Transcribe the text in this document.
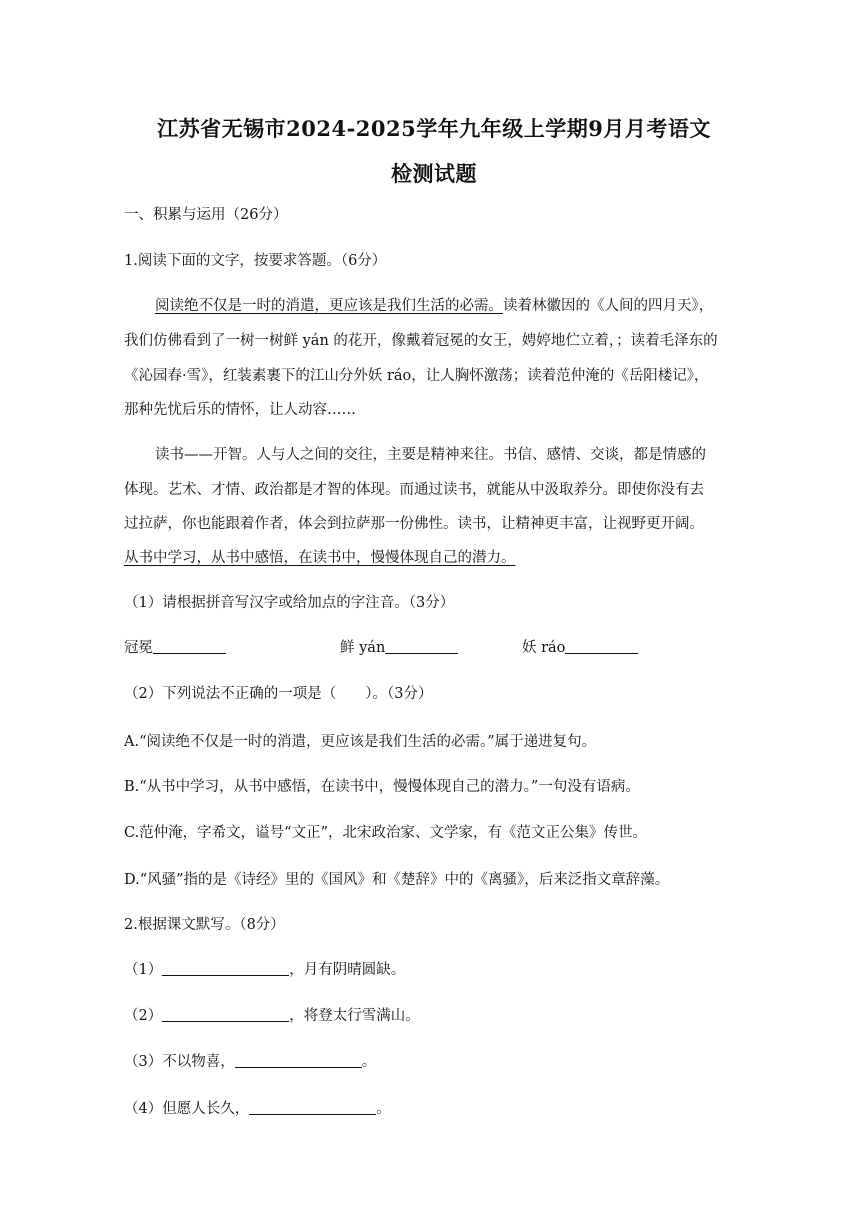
江苏省无锡市2024-2025学年九年级上学期9月月考语文
检测试题
一、积累与运用（26分）
1.阅读下面的文字，按要求答题。（6分）
阅读绝不仅是一时的消遣，更应该是我们生活的必需。读着林徽因的《人间的四月天》，
我们仿佛看到了一树一树鲜 yán 的花开，像戴着冠冕的女王，娉婷地伫立着，；读着毛泽东的
《沁园春·雪》，红装素裹下的江山分外妖 ráo，让人胸怀激荡；读着范仲淹的《岳阳楼记》，
那种先忧后乐的情怀，让人动容……
读书——开智。人与人之间的交往，主要是精神来往。书信、感情、交谈，都是情感的
体现。艺术、才情、政治都是才智的体现。而通过读书，就能从中汲取养分。即使你没有去
过拉萨，你也能跟着作者，体会到拉萨那一份佛性。读书，让精神更丰富，让视野更开阔。
从书中学习，从书中感悟，在读书中，慢慢体现自己的潜力。
（1）请根据拼音写汉字或给加点的字注音。（3分）
冠冕	鲜 yán	妖 ráo
（2）下列说法不正确的一项是（　　）。（3分）
A.“阅读绝不仅是一时的消遣，更应该是我们生活的必需。”属于递进复句。
B.“从书中学习，从书中感悟，在读书中，慢慢体现自己的潜力。”一句没有语病。
C.范仲淹，字希文，谥号“文正”，北宋政治家、文学家，有《范文正公集》传世。
D.“风骚”指的是《诗经》里的《国风》和《楚辞》中的《离骚》，后来泛指文章辞藻。
2.根据课文默写。（8分）
（1）	，月有阴晴圆缺。
（2）	，将登太行雪满山。
（3）不以物喜，	。
（4）但愿人长久，	。
